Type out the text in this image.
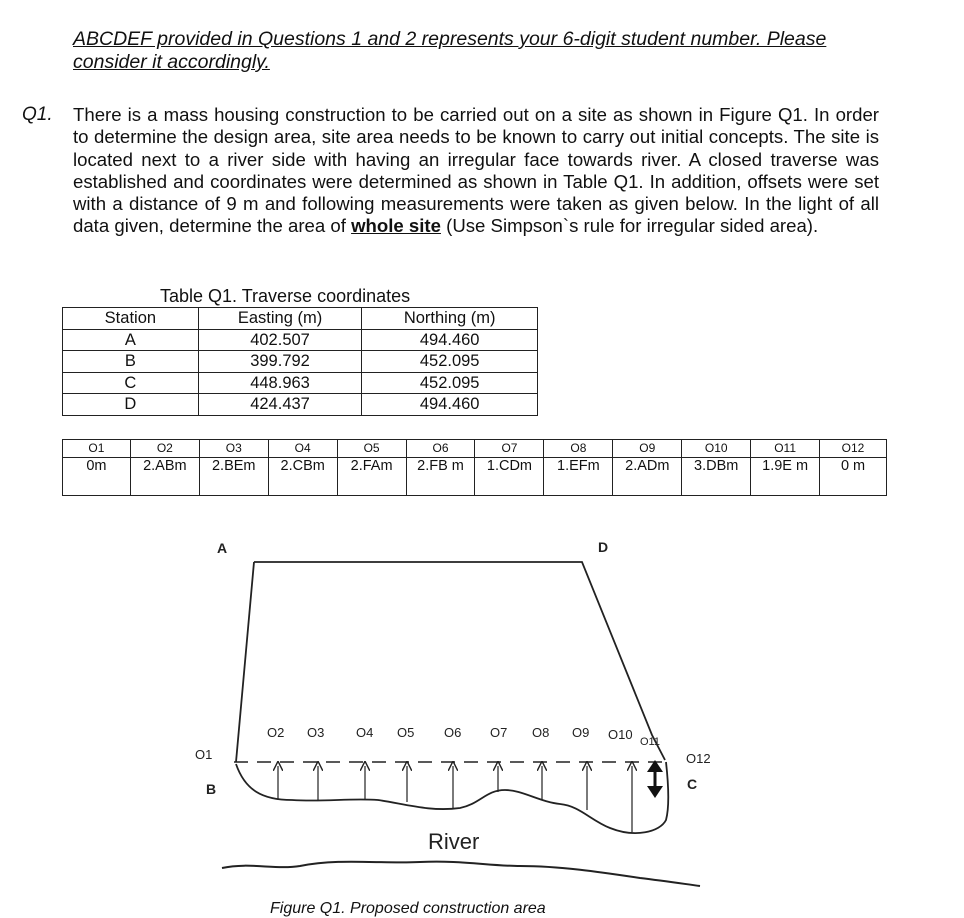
ABCDEF provided in Questions 1 and 2 represents your 6-digit student number. Please consider it accordingly.
Q1. There is a mass housing construction to be carried out on a site as shown in Figure Q1. In order to determine the design area, site area needs to be known to carry out initial concepts. The site is located next to a river side with having an irregular face towards river. A closed traverse was established and coordinates were determined as shown in Table Q1. In addition, offsets were set with a distance of 9 m and following measurements were taken as given below. In the light of all data given, determine the area of whole site (Use Simpson`s rule for irregular sided area).
Table Q1. Traverse coordinates
Station	Easting (m)	Northing (m)
A	402.507	494.460
B	399.792	452.095
C	448.963	452.095
D	424.437	494.460
O1	O2	O3	O4	O5	O6	O7	O8	O9	O10	O11	O12
0m	2.ABm	2.BEm	2.CBm	2.FAm	2.FB m	1.CDm	1.EFm	2.ADm	3.DBm	1.9E m	0 m
A	D
B	C
O1	O12
O2 O3 O4 O5 O6 O7 O8 O9 O10 O11
River
Figure Q1. Proposed construction area
